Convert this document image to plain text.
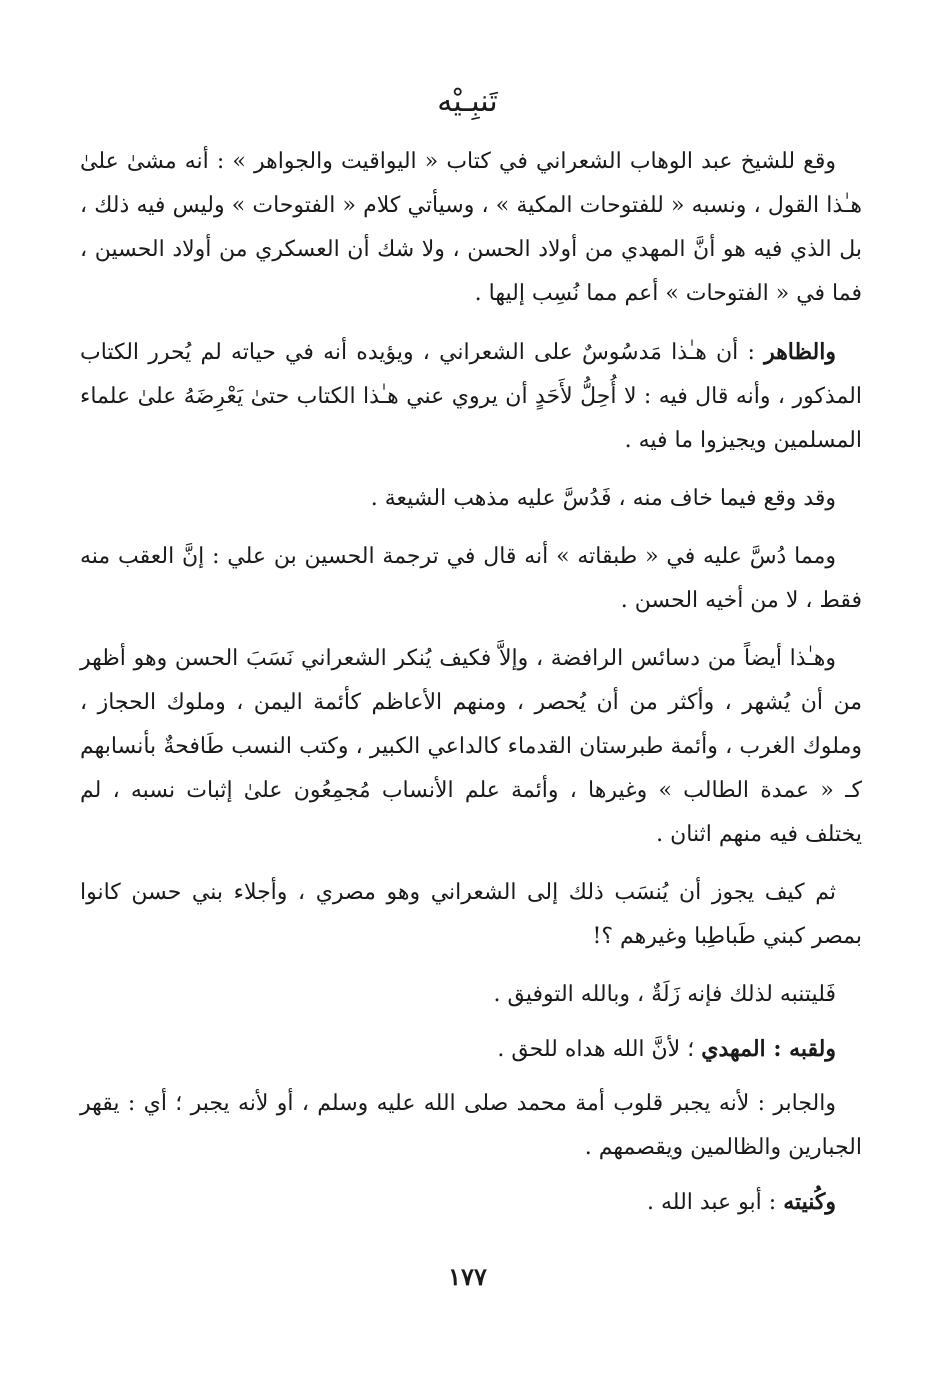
تَنبِـيْه

وقع للشيخ عبد الوهاب الشعراني في كتاب « اليواقيت والجواهر » : أنه مشىٰ علىٰ هـٰذا القول ، ونسبه « للفتوحات المكية » ، وسيأتي كلام « الفتوحات » وليس فيه ذلك ، بل الذي فيه هو أنَّ المهدي من أولاد الحسن ، ولا شك أن العسكري من أولاد الحسين ، فما في « الفتوحات » أعم مما نُسِب إليها .

والظاهر : أن هـٰذا مَدسُوسٌ على الشعراني ، ويؤيده أنه في حياته لم يُحرر الكتاب المذكور ، وأنه قال فيه : لا أُحِلُّ لأَحَدٍ أن يروي عني هـٰذا الكتاب حتىٰ يَعْرِضَهُ علىٰ علماء المسلمين ويجيزوا ما فيه .

وقد وقع فيما خاف منه ، فَدُسَّ عليه مذهب الشيعة .

ومما دُسَّ عليه في « طبقاته » أنه قال في ترجمة الحسين بن علي : إنَّ العقب منه فقط ، لا من أخيه الحسن .

وهـٰذا أيضاً من دسائس الرافضة ، وإلاَّ فكيف يُنكر الشعراني نَسَبَ الحسن وهو أظهر من أن يُشهر ، وأكثر من أن يُحصر ، ومنهم الأعاظم كأئمة اليمن ، وملوك الحجاز ، وملوك الغرب ، وأئمة طبرستان القدماء كالداعي الكبير ، وكتب النسب طَافحةٌ بأنسابهم كـ « عمدة الطالب » وغيرها ، وأئمة علم الأنساب مُجمِعُون علىٰ إثبات نسبه ، لم يختلف فيه منهم اثنان .

ثم كيف يجوز أن يُنسَب ذلك إلى الشعراني وهو مصري ، وأجلاء بني حسن كانوا بمصر كبني طَباطِبا وغيرهم ؟!

فَليتنبه لذلك فإنه زَلَةٌ ، وبالله التوفيق .

ولقبه : المهدي ؛ لأنَّ الله هداه للحق .

والجابر : لأنه يجبر قلوب أمة محمد صلى الله عليه وسلم ، أو لأنه يجبر ؛ أي : يقهر الجبارين والظالمين ويقصمهم .

وكُنيته : أبو عبد الله .

١٧٧
